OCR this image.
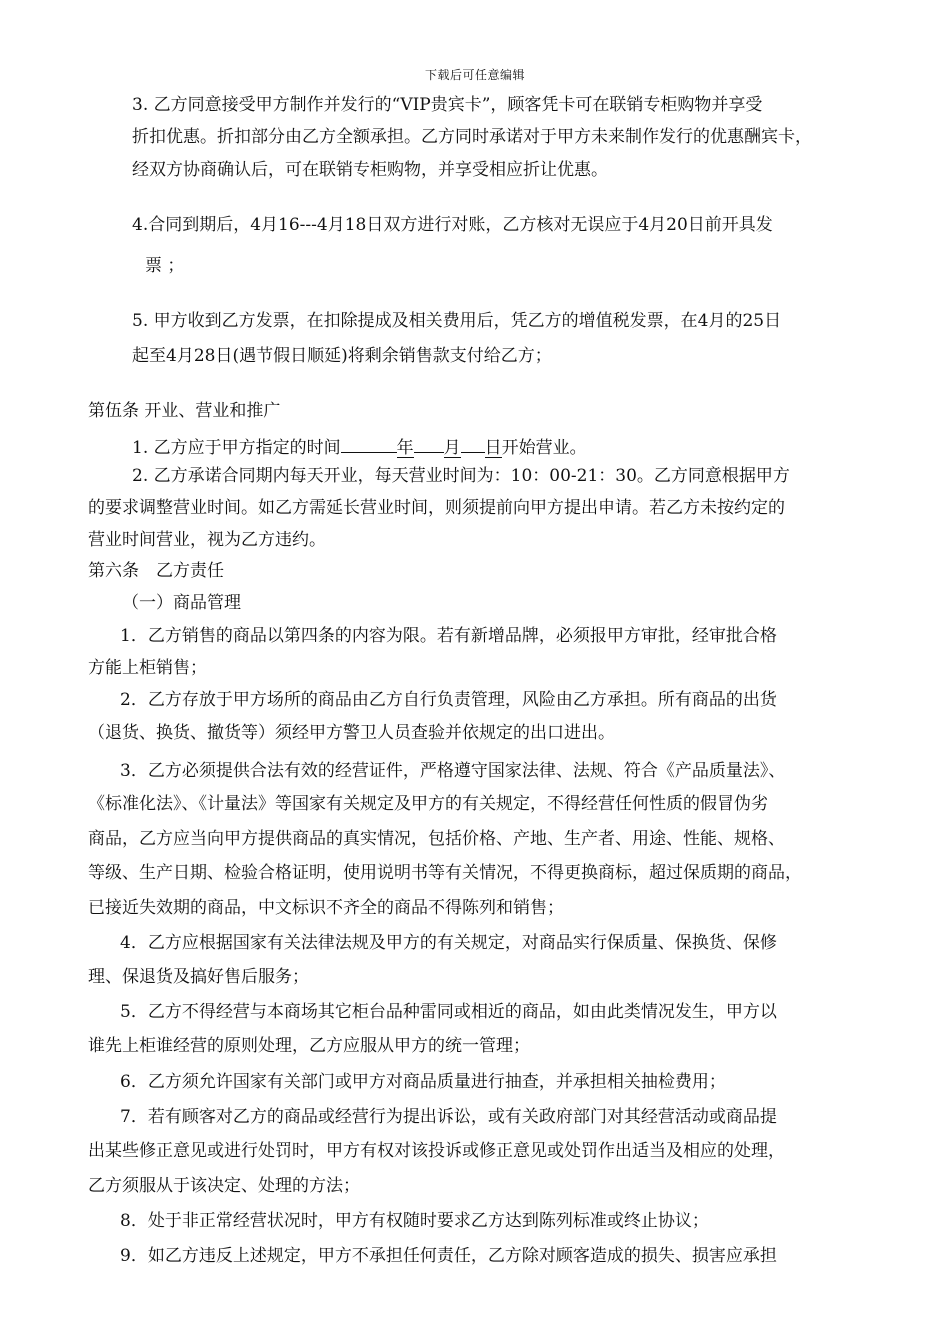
下载后可任意编辑
3. 乙方同意接受甲方制作并发行的“VIP贵宾卡”，顾客凭卡可在联销专柜购物并享受
折扣优惠。折扣部分由乙方全额承担。乙方同时承诺对于甲方未来制作发行的优惠酬宾卡，
经双方协商确认后，可在联销专柜购物，并享受相应折让优惠。
4.合同到期后，4月16---4月18日双方进行对账，乙方核对无误应于4月20日前开具发
票 ；
5. 甲方收到乙方发票，在扣除提成及相关费用后，凭乙方的增值税发票，在4月的25日
起至4月28日(遇节假日顺延)将剩余销售款支付给乙方；
第伍条 开业、营业和推广
1. 乙方应于甲方指定的时间	年 月 日开始营业。
2. 乙方承诺合同期内每天开业，每天营业时间为：10：00-21：30。乙方同意根据甲方
的要求调整营业时间。如乙方需延长营业时间，则须提前向甲方提出申请。若乙方未按约定的
营业时间营业，视为乙方违约。
第六条　乙方责任
（一）商品管理
1．乙方销售的商品以第四条的内容为限。若有新增品牌，必须报甲方审批，经审批合格
方能上柜销售；
2．乙方存放于甲方场所的商品由乙方自行负责管理，风险由乙方承担。所有商品的出货
（退货、换货、撤货等）须经甲方警卫人员查验并依规定的出口进出。
3．乙方必须提供合法有效的经营证件，严格遵守国家法律、法规、符合《产品质量法》、
《标准化法》、《计量法》等国家有关规定及甲方的有关规定，不得经营任何性质的假冒伪劣
商品，乙方应当向甲方提供商品的真实情况，包括价格、产地、生产者、用途、性能、规格、
等级、生产日期、检验合格证明，使用说明书等有关情况，不得更换商标，超过保质期的商品，
已接近失效期的商品，中文标识不齐全的商品不得陈列和销售；
4．乙方应根据国家有关法律法规及甲方的有关规定，对商品实行保质量、保换货、保修
理、保退货及搞好售后服务；
5．乙方不得经营与本商场其它柜台品种雷同或相近的商品，如由此类情况发生，甲方以
谁先上柜谁经营的原则处理，乙方应服从甲方的统一管理；
6．乙方须允许国家有关部门或甲方对商品质量进行抽查，并承担相关抽检费用；
7．若有顾客对乙方的商品或经营行为提出诉讼，或有关政府部门对其经营活动或商品提
出某些修正意见或进行处罚时，甲方有权对该投诉或修正意见或处罚作出适当及相应的处理，
乙方须服从于该决定、处理的方法；
8．处于非正常经营状况时，甲方有权随时要求乙方达到陈列标准或终止协议；
9．如乙方违反上述规定，甲方不承担任何责任，乙方除对顾客造成的损失、损害应承担
